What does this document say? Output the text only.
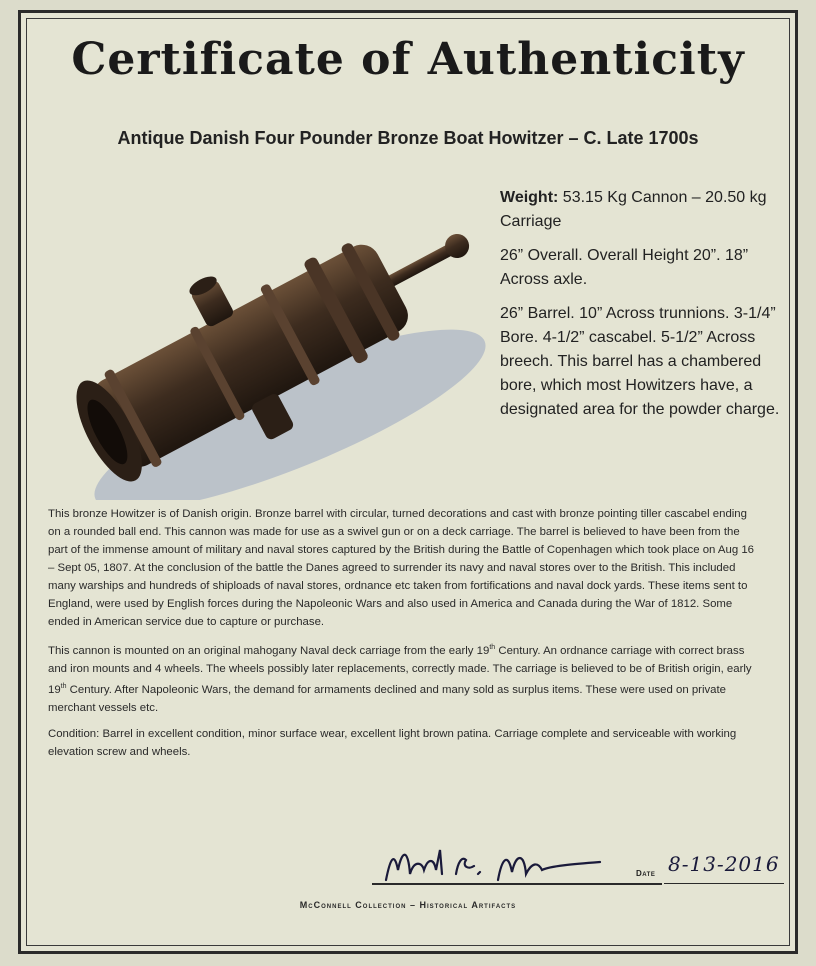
Certificate of Authenticity
Antique Danish Four Pounder Bronze Boat Howitzer – C. Late 1700s

Weight: 53.15 Kg Cannon – 20.50 kg Carriage

26” Overall. Overall Height 20”. 18” Across axle.

26” Barrel. 10” Across trunnions. 3-1/4” Bore. 4-1/2” cascabel. 5-1/2” Across breech. This barrel has a chambered bore, which most Howitzers have, a designated area for the powder charge.

This bronze Howitzer is of Danish origin. Bronze barrel with circular, turned decorations and cast with bronze pointing tiller cascabel ending on a rounded ball end. This cannon was made for use as a swivel gun or on a deck carriage. The barrel is believed to have been from the part of the immense amount of military and naval stores captured by the British during the Battle of Copenhagen which took place on Aug 16 – Sept 05, 1807. At the conclusion of the battle the Danes agreed to surrender its navy and naval stores over to the British. This included many warships and hundreds of shiploads of naval stores, ordnance etc taken from fortifications and naval dock yards. These items sent to England, were used by English forces during the Napoleonic Wars and also used in America and Canada during the War of 1812. Some ended in American service due to capture or purchase.

This cannon is mounted on an original mahogany Naval deck carriage from the early 19th Century. An ordnance carriage with correct brass and iron mounts and 4 wheels. The wheels possibly later replacements, correctly made. The carriage is believed to be of British origin, early 19th Century. After Napoleonic Wars, the demand for armaments declined and many sold as surplus items. These were used on private merchant vessels etc.

Condition: Barrel in excellent condition, minor surface wear, excellent light brown patina. Carriage complete and serviceable with working elevation screw and wheels.

Date 8-13-2016
McConnell Collection – Historical Artifacts
